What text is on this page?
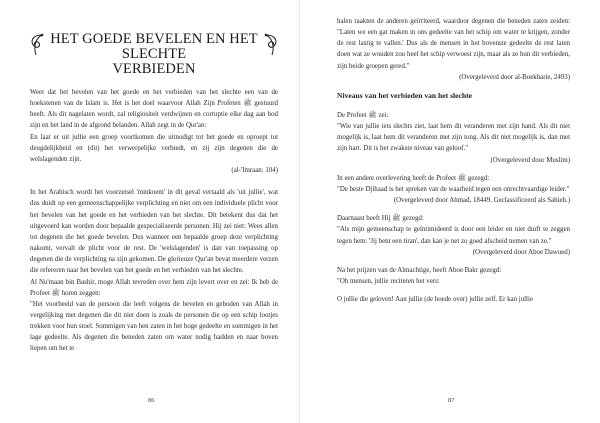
HET GOEDE BEVELEN EN HET SLECHTE
VERBIEDEN

Weet dat het bevelen van het goede en het verbieden van het slechte een van de hoekstenen van de Islam is. Het is het doel waarvoor Allah Zijn Profeten ﷺ gestuurd heeft. Als dit nagelaten wordt, zal religiositeit verdwijnen en corruptie elke dag aan bod zijn en het land in de afgrond belanden. Allah zegt in de Qur'an:

En laat er uit jullie een groep voortkomen die uitnodigt tot het goede en oproept tot deugdelijkheid en (dit) het verwerpelijke verbiedt, en zij zijn degenen die de welslagenden zijn.

(al-'Imraan: 104)

In het Arabisch wordt het voorzetsel 'minkoem' in dit geval vertaald als 'uit jullie', wat dus duidt op een gemeenschappelijke verplichting en niet om een individuele plicht voor het bevelen van het goede en het verbieden van het slechte. Dit betekent dus dat het uitgevoerd kan worden door bepaalde gespecialiseerde personen. Hij zei niet: Wees allen tot degenen die het goede bevelen. Dus wanneer een bepaalde groep deze verplichting nakomt, vervalt de plicht voor de rest. De 'welslagenden' is dan van toepassing op degenen die de verplichting na zijn gekomen. De glorieuze Qur'an bevat meerdere verzen die refereren naar het bevelen van het goede en het verbieden van het slechte.

Al Nu'maan bin Bashir, moge Allah tevreden over hem zijn levert over en zei: Ik heb de Profeet ﷺ horen zeggen:

"Het voorbeeld van de persoon die leeft volgens de bevelen en geboden van Allah in vergelijking met degenen die dit niet doen is zoals de personen die op een schip lootjes trekken voor hun stoel. Sommigen van hen zaten in het hoge gedeelte en sommigen in het lage gedeelte. Als degenen die beneden zaten om water nodig hadden en naar boven liepen om het te

86

halen raakten de anderen geïrriteerd, waardoor degenen die beneden zaten zeiden: "Laten we een gat maken in ons gedeelte van het schip om water te krijgen, zonder de rest lastig te vallen.' Dus als de mensen in het bovenste gedeelte de rest laten doen wat ze wouden zou heel het schip verwoest zijn, maar als ze hun dit verbieden, zijn beide groepen gered."

(Overgeleverd door al-Boekharie, 2493)

Niveaus van het verbieden van het slechte

De Profeet ﷺ zei:

"Wie van jullie iets slechts ziet, laat hem dit veranderen met zijn hand. Als dit niet mogelijk is, laat hem dit veranderen met zijn tong. Als dit niet mogelijk is, dan met zijn hart. Dit is het zwakste niveau van geloof."

(Overgeleverd door Muslim)

In een andere overlevering heeft de Profeet ﷺ gezegd:

"De beste Djihaad is het spreken van de waarheid tegen een onrechtvaardige leider."

(Overgeleverd door Ahmad, 18449. Geclassificeerd als Sahieh.)

Daarnaast heeft Hij ﷺ gezegd:

"Als mijn gemeenschap te geïntimideerd is door een leider en niet durft te zeggen tegen hem: 'Jij bent een tiran', dan kan je net zo goed afscheid nemen van ze."

(Overgeleverd door Aboe Dawued)

Na het prijzen van de Almachtige, heeft Aboe Bakr gezegd:

"Oh mensen, jullie reciteren het vers:

O jullie die geloven! Aan jullie (de hoede over) jullie zelf. Er kan jullie

87
